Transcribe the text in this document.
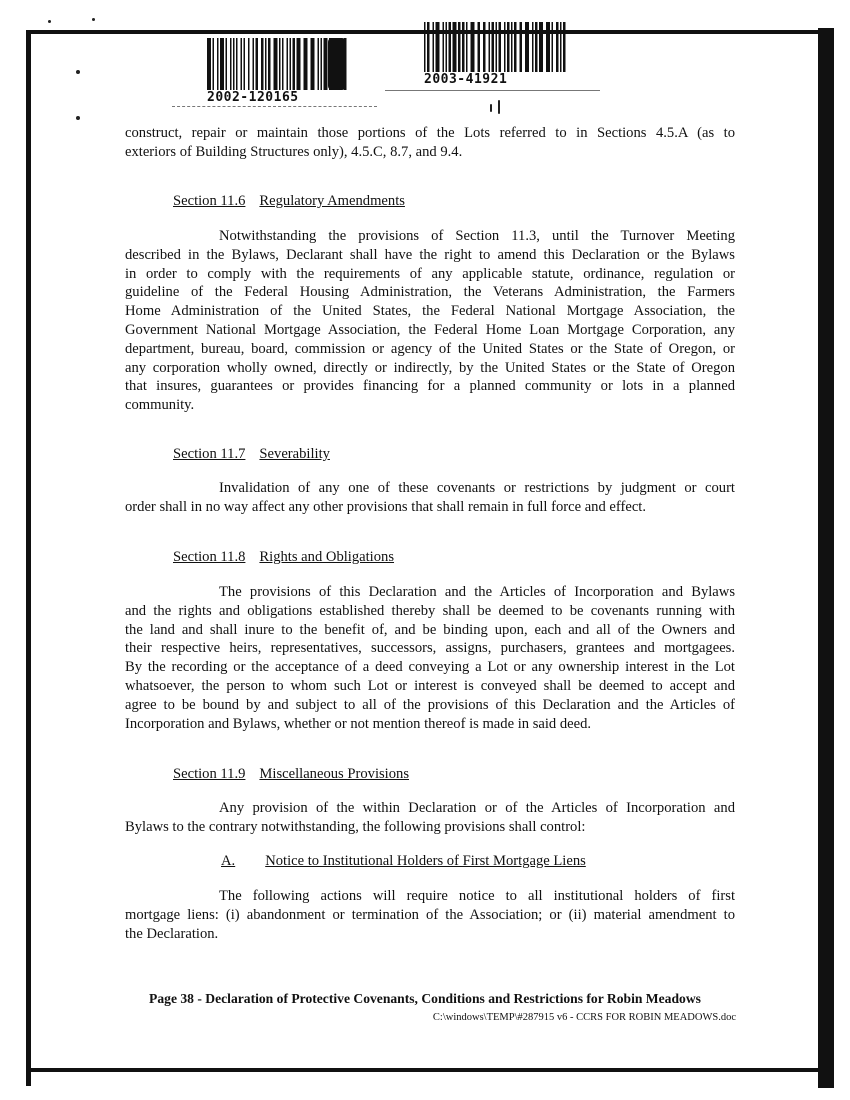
2002-120165
2003-41921
construct, repair or maintain those portions of the Lots referred to in Sections 4.5.A (as to
exteriors of Building Structures only), 4.5.C, 8.7, and 9.4.
Section 11.6 Regulatory Amendments
Notwithstanding the provisions of Section 11.3, until the Turnover Meeting
described in the Bylaws, Declarant shall have the right to amend this Declaration or the Bylaws
in order to comply with the requirements of any applicable statute, ordinance, regulation or
guideline of the Federal Housing Administration, the Veterans Administration, the Farmers
Home Administration of the United States, the Federal National Mortgage Association, the
Government National Mortgage Association, the Federal Home Loan Mortgage Corporation, any
department, bureau, board, commission or agency of the United States or the State of Oregon, or
any corporation wholly owned, directly or indirectly, by the United States or the State of Oregon
that insures, guarantees or provides financing for a planned community or lots in a planned
community.
Section 11.7 Severability
Invalidation of any one of these covenants or restrictions by judgment or court
order shall in no way affect any other provisions that shall remain in full force and effect.
Section 11.8 Rights and Obligations
The provisions of this Declaration and the Articles of Incorporation and Bylaws
and the rights and obligations established thereby shall be deemed to be covenants running with
the land and shall inure to the benefit of, and be binding upon, each and all of the Owners and
their respective heirs, representatives, successors, assigns, purchasers, grantees and mortgagees.
By the recording or the acceptance of a deed conveying a Lot or any ownership interest in the Lot
whatsoever, the person to whom such Lot or interest is conveyed shall be deemed to accept and
agree to be bound by and subject to all of the provisions of this Declaration and the Articles of
Incorporation and Bylaws, whether or not mention thereof is made in said deed.
Section 11.9 Miscellaneous Provisions
Any provision of the within Declaration or of the Articles of Incorporation and
Bylaws to the contrary notwithstanding, the following provisions shall control:
A. Notice to Institutional Holders of First Mortgage Liens
The following actions will require notice to all institutional holders of first
mortgage liens: (i) abandonment or termination of the Association; or (ii) material amendment to
the Declaration.
Page 38 - Declaration of Protective Covenants, Conditions and Restrictions for Robin Meadows
C:\windows\TEMP\#287915 v6 - CCRS FOR ROBIN MEADOWS.doc
